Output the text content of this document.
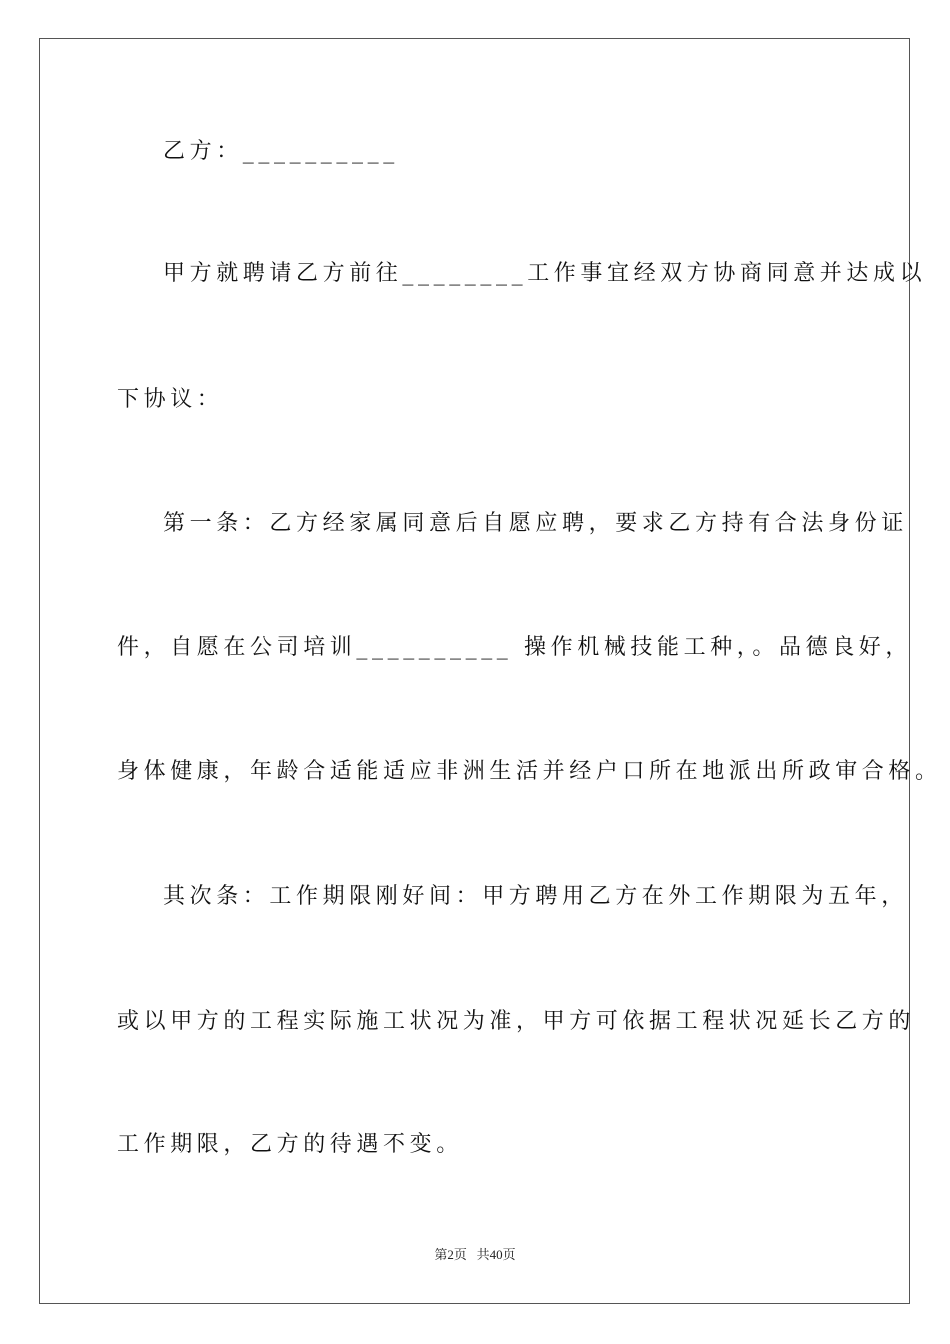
乙方：__________
甲方就聘请乙方前往________工作事宜经双方协商同意并达成以
下协议：
第一条：乙方经家属同意后自愿应聘，要求乙方持有合法身份证
件，自愿在公司培训__________ 操作机械技能工种，。品德良好，
身体健康，年龄合适能适应非洲生活并经户口所在地派出所政审合格。
其次条：工作期限刚好间：甲方聘用乙方在外工作期限为五年，
或以甲方的工程实际施工状况为准，甲方可依据工程状况延长乙方的
工作期限，乙方的待遇不变。
第2页   共40页
